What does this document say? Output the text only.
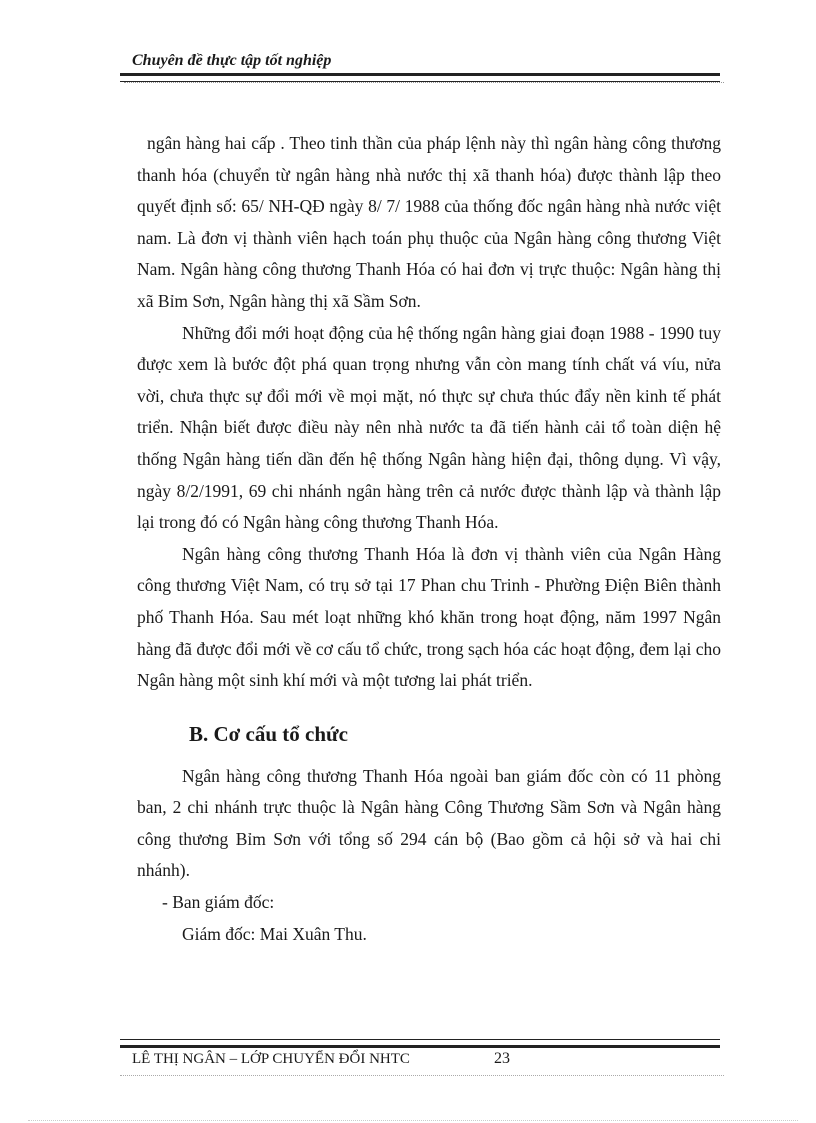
Chuyên đề thực tập tốt nghiệp

ngân hàng hai cấp . Theo tinh thần của pháp lệnh này thì ngân hàng công thương thanh hóa (chuyển từ ngân hàng nhà nước thị xã thanh hóa) được thành lập theo quyết định số: 65/ NH-QĐ ngày 8/ 7/ 1988 của thống đốc ngân hàng nhà nước việt nam. Là đơn vị thành viên hạch toán phụ thuộc của Ngân hàng công thương Việt Nam. Ngân hàng công thương Thanh Hóa có hai đơn vị trực thuộc: Ngân hàng thị xã Bỉm Sơn, Ngân hàng thị xã Sầm Sơn.

Những đổi mới hoạt động của hệ thống ngân hàng giai đoạn 1988 - 1990 tuy được xem là bước đột phá quan trọng nhưng vẫn còn mang tính chất vá víu, nửa vời, chưa thực sự đổi mới về mọi mặt, nó thực sự chưa thúc đẩy nền kinh tế phát triển. Nhận biết được điều này nên nhà nước ta đã tiến hành cải tổ toàn diện hệ thống Ngân hàng tiến dần đến hệ thống Ngân hàng hiện đại, thông dụng. Vì vậy, ngày 8/2/1991, 69 chi nhánh ngân hàng trên cả nước được thành lập và thành lập lại trong đó có Ngân hàng công thương Thanh Hóa.

Ngân hàng công thương Thanh Hóa là đơn vị thành viên của Ngân Hàng công thương Việt Nam, có trụ sở tại 17 Phan chu Trinh - Phường Điện Biên thành phố Thanh Hóa. Sau mét loạt những khó khăn trong hoạt động, năm 1997 Ngân hàng đã được đổi mới về cơ cấu tổ chức, trong sạch hóa các hoạt động, đem lại cho Ngân hàng một sinh khí mới và một tương lai phát triển.

B. Cơ cấu tổ chức

Ngân hàng công thương Thanh Hóa ngoài ban giám đốc còn có 11 phòng ban, 2 chi nhánh trực thuộc là Ngân hàng Công Thương Sầm Sơn và Ngân hàng công thương Bỉm Sơn với tổng số 294 cán bộ (Bao gồm cả hội sở và hai chi nhánh).

- Ban giám đốc:

Giám đốc: Mai Xuân Thu.

LÊ THỊ NGÂN – LỚP CHUYỂN ĐỔI NHTC	23
